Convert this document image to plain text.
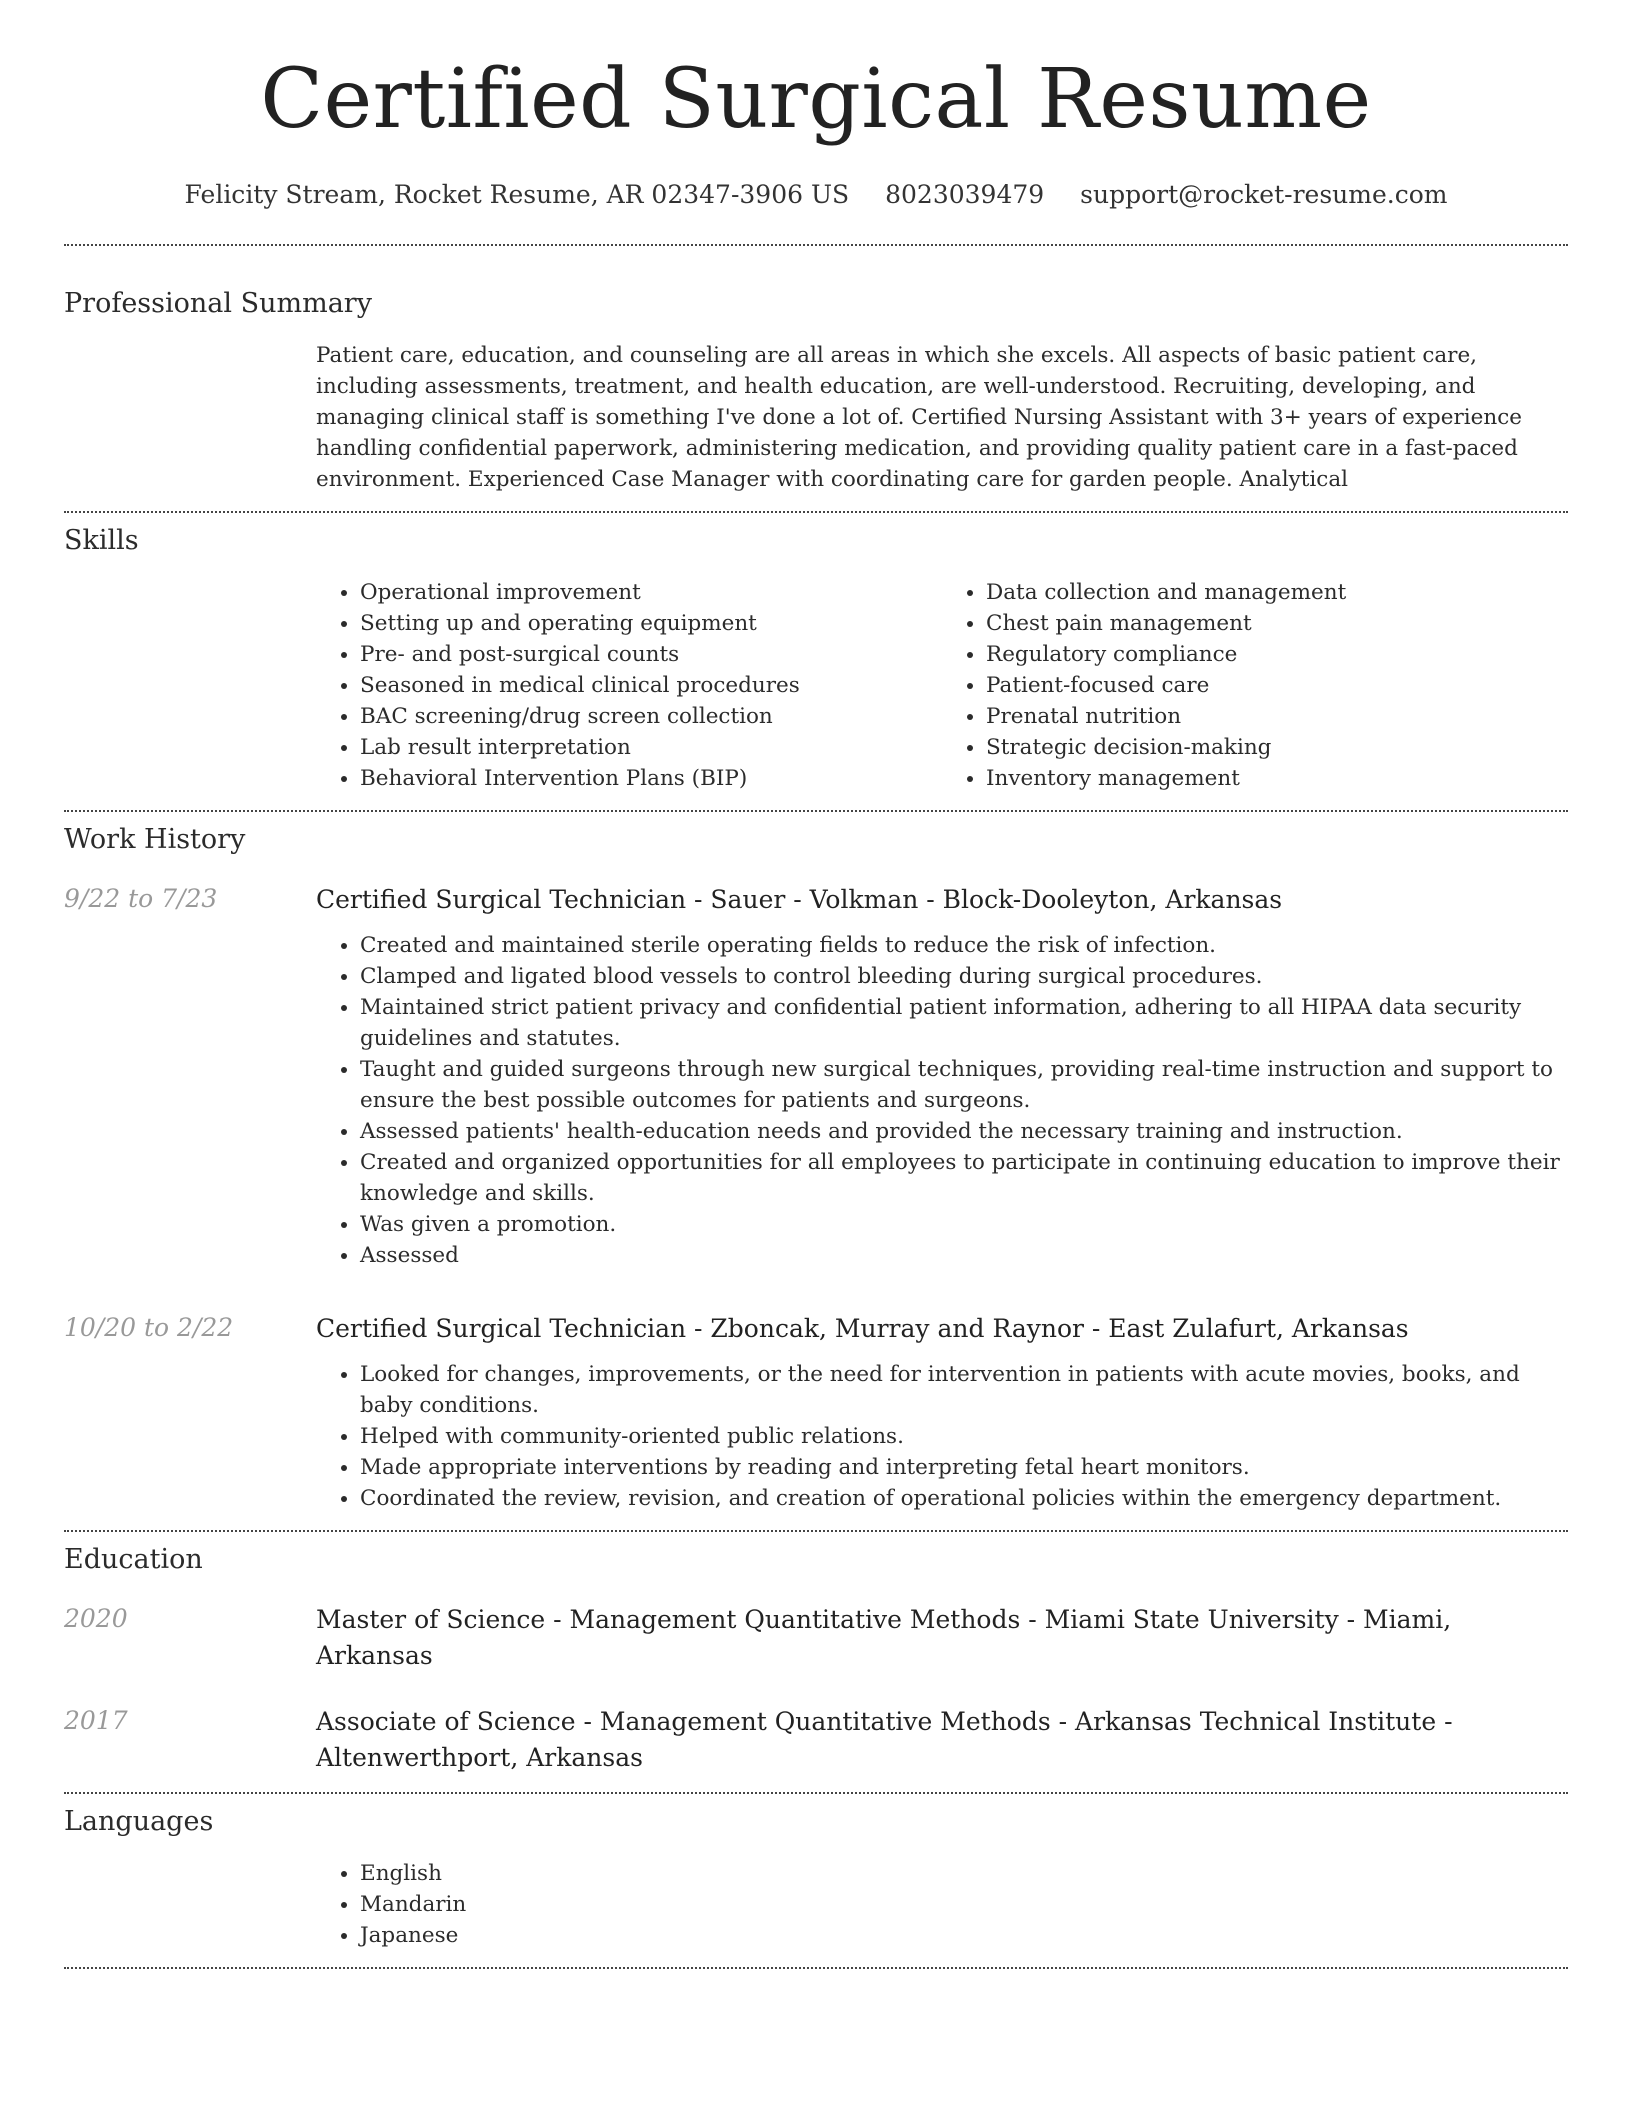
Certified Surgical Resume
Felicity Stream, Rocket Resume, AR 02347-3906 US 8023039479 support@rocket-resume.com
Professional Summary

Patient care, education, and counseling are all areas in which she excels. All aspects of basic patient care, including assessments, treatment, and health education, are well-understood. Recruiting, developing, and managing clinical staff is something I've done a lot of. Certified Nursing Assistant with 3+ years of experience handling confidential paperwork, administering medication, and providing quality patient care in a fast-paced environment. Experienced Case Manager with coordinating care for garden people. Analytical

Skills
• Operational improvement
• Setting up and operating equipment
• Pre- and post-surgical counts
• Seasoned in medical clinical procedures
• BAC screening/drug screen collection
• Lab result interpretation
• Behavioral Intervention Plans (BIP)
• Data collection and management
• Chest pain management
• Regulatory compliance
• Patient-focused care
• Prenatal nutrition
• Strategic decision-making
• Inventory management
Work History
9/22 to 7/23	Certified Surgical Technician - Sauer - Volkman - Block-Dooleyton, Arkansas
• Created and maintained sterile operating fields to reduce the risk of infection.
• Clamped and ligated blood vessels to control bleeding during surgical procedures.
• Maintained strict patient privacy and confidential patient information, adhering to all HIPAA data security guidelines and statutes.
• Taught and guided surgeons through new surgical techniques, providing real-time instruction and support to ensure the best possible outcomes for patients and surgeons.
• Assessed patients' health-education needs and provided the necessary training and instruction.
• Created and organized opportunities for all employees to participate in continuing education to improve their knowledge and skills.
• Was given a promotion.
• Assessed
10/20 to 2/22	Certified Surgical Technician - Zboncak, Murray and Raynor - East Zulafurt, Arkansas
• Looked for changes, improvements, or the need for intervention in patients with acute movies, books, and baby conditions.
• Helped with community-oriented public relations.
• Made appropriate interventions by reading and interpreting fetal heart monitors.
• Coordinated the review, revision, and creation of operational policies within the emergency department.
Education
2020	Master of Science - Management Quantitative Methods - Miami State University - Miami, Arkansas
2017	Associate of Science - Management Quantitative Methods - Arkansas Technical Institute - Altenwerthport, Arkansas
Languages
• English
• Mandarin
• Japanese
